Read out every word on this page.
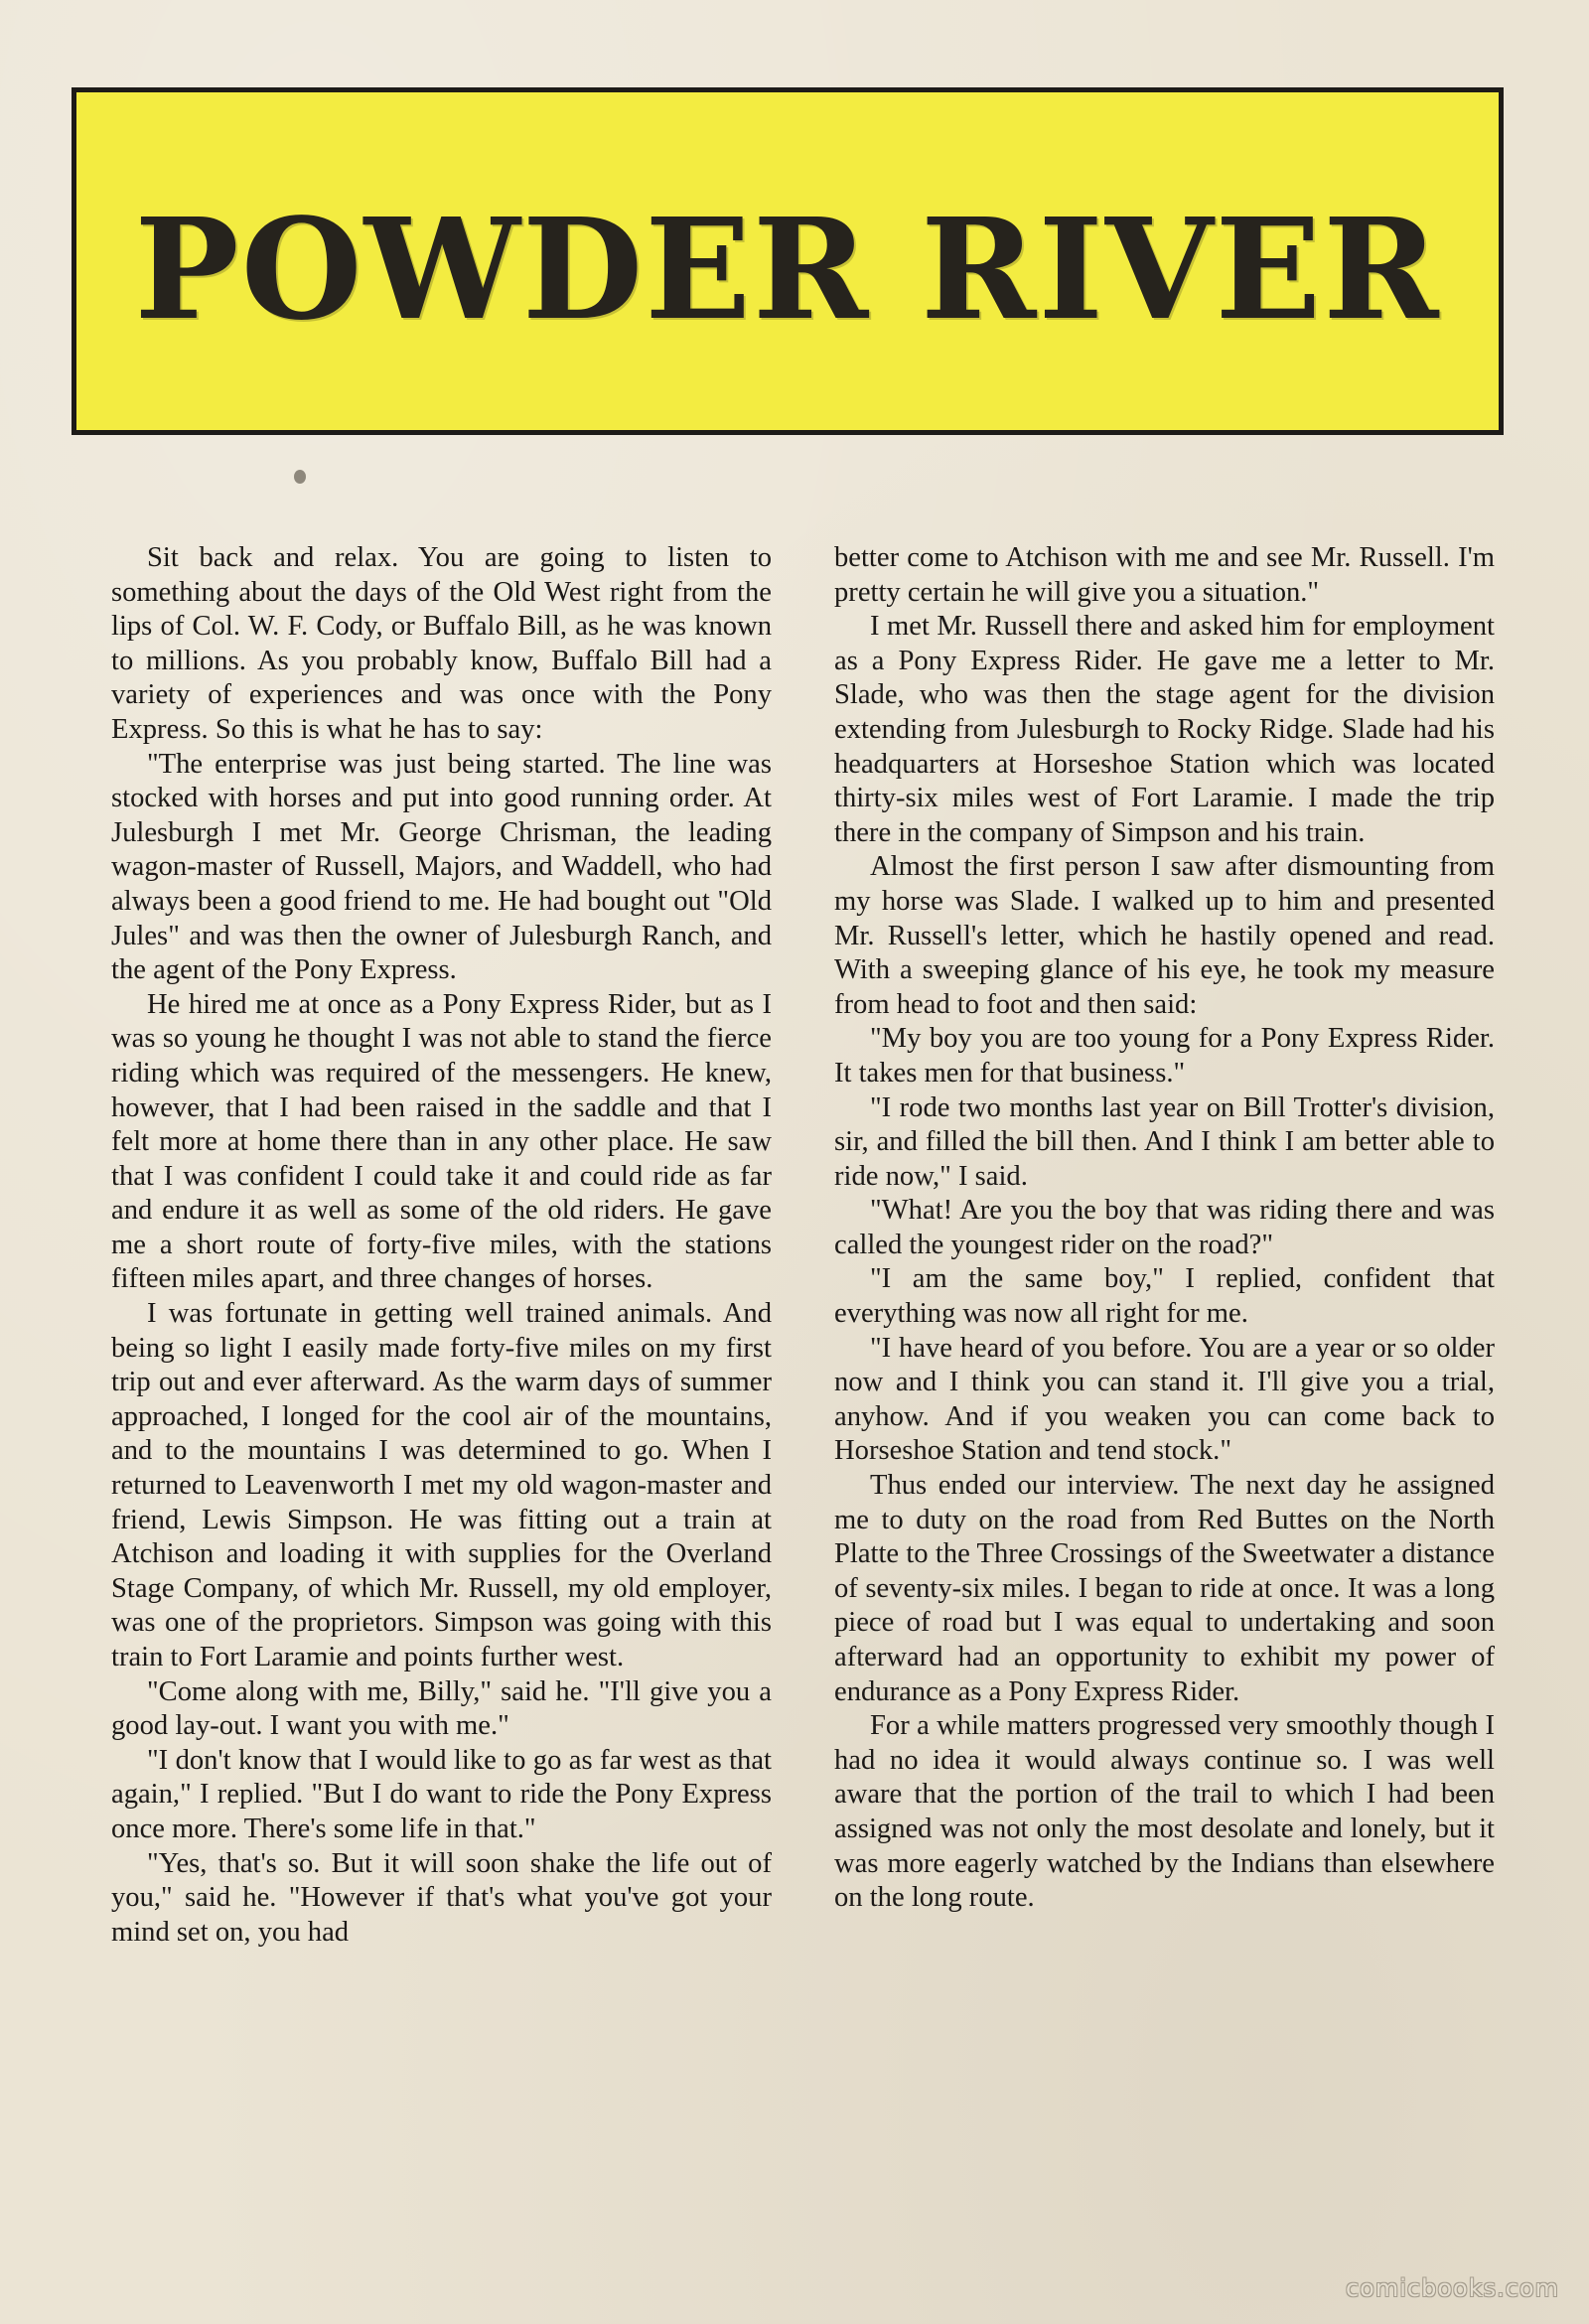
POWDER RIVER

Sit back and relax. You are going to listen to something about the days of the Old West right from the lips of Col. W. F. Cody, or Buffalo Bill, as he was known to millions. As you probably know, Buffalo Bill had a variety of experiences and was once with the Pony Express. So this is what he has to say:

"The enterprise was just being started. The line was stocked with horses and put into good running order. At Julesburgh I met Mr. George Chrisman, the leading wagon-master of Russell, Majors, and Waddell, who had always been a good friend to me. He had bought out "Old Jules" and was then the owner of Julesburgh Ranch, and the agent of the Pony Express.

He hired me at once as a Pony Express Rider, but as I was so young he thought I was not able to stand the fierce riding which was required of the messengers. He knew, however, that I had been raised in the saddle and that I felt more at home there than in any other place. He saw that I was confident I could take it and could ride as far and endure it as well as some of the old riders. He gave me a short route of forty-five miles, with the stations fifteen miles apart, and three changes of horses.

I was fortunate in getting well trained animals. And being so light I easily made forty-five miles on my first trip out and ever afterward. As the warm days of summer approached, I longed for the cool air of the mountains, and to the mountains I was determined to go. When I returned to Leavenworth I met my old wagon-master and friend, Lewis Simpson. He was fitting out a train at Atchison and loading it with supplies for the Overland Stage Company, of which Mr. Russell, my old employer, was one of the proprietors. Simpson was going with this train to Fort Laramie and points further west.

"Come along with me, Billy," said he. "I'll give you a good lay-out. I want you with me."

"I don't know that I would like to go as far west as that again," I replied. "But I do want to ride the Pony Express once more. There's some life in that."

"Yes, that's so. But it will soon shake the life out of you," said he. "However if that's what you've got your mind set on, you had

better come to Atchison with me and see Mr. Russell. I'm pretty certain he will give you a situation."

I met Mr. Russell there and asked him for employment as a Pony Express Rider. He gave me a letter to Mr. Slade, who was then the stage agent for the division extending from Julesburgh to Rocky Ridge. Slade had his headquarters at Horseshoe Station which was located thirty-six miles west of Fort Laramie. I made the trip there in the company of Simpson and his train.

Almost the first person I saw after dismounting from my horse was Slade. I walked up to him and presented Mr. Russell's letter, which he hastily opened and read. With a sweeping glance of his eye, he took my measure from head to foot and then said:

"My boy you are too young for a Pony Express Rider. It takes men for that business."

"I rode two months last year on Bill Trotter's division, sir, and filled the bill then. And I think I am better able to ride now," I said.

"What! Are you the boy that was riding there and was called the youngest rider on the road?"

"I am the same boy," I replied, confident that everything was now all right for me.

"I have heard of you before. You are a year or so older now and I think you can stand it. I'll give you a trial, anyhow. And if you weaken you can come back to Horseshoe Station and tend stock."

Thus ended our interview. The next day he assigned me to duty on the road from Red Buttes on the North Platte to the Three Crossings of the Sweetwater a distance of seventy-six miles. I began to ride at once. It was a long piece of road but I was equal to undertaking and soon afterward had an opportunity to exhibit my power of endurance as a Pony Express Rider.

For a while matters progressed very smoothly though I had no idea it would always continue so. I was well aware that the portion of the trail to which I had been assigned was not only the most desolate and lonely, but it was more eagerly watched by the Indians than elsewhere on the long route.

comicbooks.com
